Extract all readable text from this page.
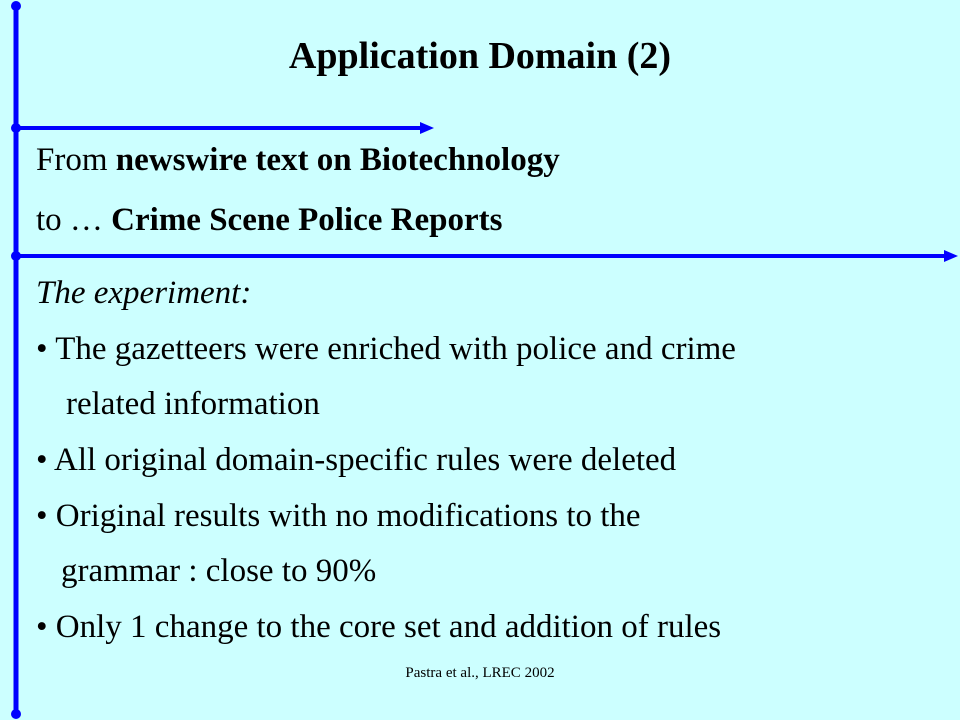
Application Domain (2)
From newswire text on Biotechnology
to … Crime Scene Police Reports
The experiment:
• The gazetteers were enriched with police and crime
related information
• All original domain-specific rules were deleted
• Original results with no modifications to the
grammar : close to 90%
• Only 1 change to the core set and addition of rules
Pastra et al., LREC 2002
